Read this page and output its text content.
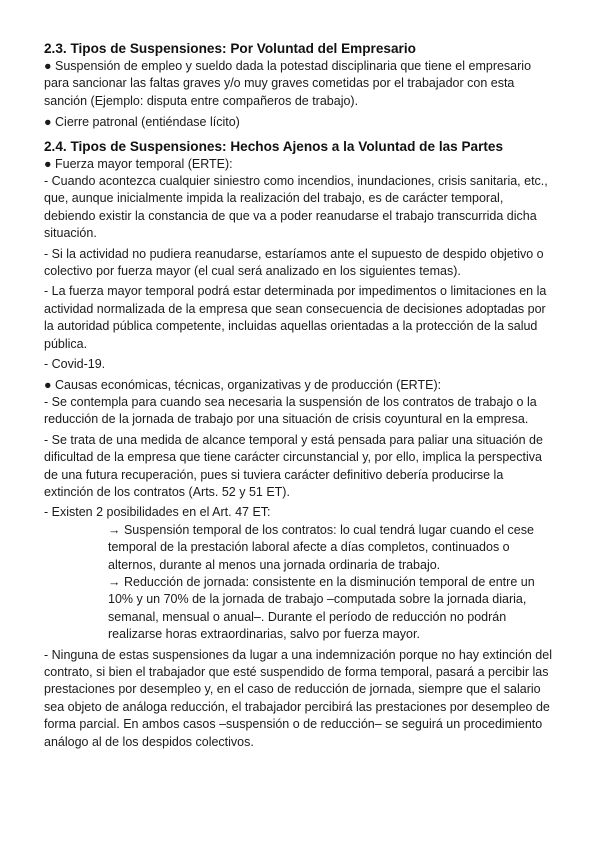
2.3. Tipos de Suspensiones: Por Voluntad del Empresario

● Suspensión de empleo y sueldo dada la potestad disciplinaria que tiene el empresario para sancionar las faltas graves y/o muy graves cometidas por el trabajador con esta sanción (Ejemplo: disputa entre compañeros de trabajo).

● Cierre patronal (entiéndase lícito)

2.4. Tipos de Suspensiones: Hechos Ajenos a la Voluntad de las Partes

● Fuerza mayor temporal (ERTE):

- Cuando acontezca cualquier siniestro como incendios, inundaciones, crisis sanitaria, etc., que, aunque inicialmente impida la realización del trabajo, es de carácter temporal, debiendo existir la constancia de que va a poder reanudarse el trabajo transcurrida dicha situación.

- Si la actividad no pudiera reanudarse, estaríamos ante el supuesto de despido objetivo o colectivo por fuerza mayor (el cual será analizado en los siguientes temas).

- La fuerza mayor temporal podrá estar determinada por impedimentos o limitaciones en la actividad normalizada de la empresa que sean consecuencia de decisiones adoptadas por la autoridad pública competente, incluidas aquellas orientadas a la protección de la salud pública.

- Covid-19.

● Causas económicas, técnicas, organizativas y de producción (ERTE):

- Se contempla para cuando sea necesaria la suspensión de los contratos de trabajo o la reducción de la jornada de trabajo por una situación de crisis coyuntural en la empresa.

- Se trata de una medida de alcance temporal y está pensada para paliar una situación de dificultad de la empresa que tiene carácter circunstancial y, por ello, implica la perspectiva de una futura recuperación, pues si tuviera carácter definitivo debería producirse la extinción de los contratos (Arts. 52 y 51 ET).

- Existen 2 posibilidades en el Art. 47 ET:

→ Suspensión temporal de los contratos: lo cual tendrá lugar cuando el cese temporal de la prestación laboral afecte a días completos, continuados o alternos, durante al menos una jornada ordinaria de trabajo.

→ Reducción de jornada: consistente en la disminución temporal de entre un 10% y un 70% de la jornada de trabajo –computada sobre la jornada diaria, semanal, mensual o anual–. Durante el período de reducción no podrán realizarse horas extraordinarias, salvo por fuerza mayor.

- Ninguna de estas suspensiones da lugar a una indemnización porque no hay extinción del contrato, si bien el trabajador que esté suspendido de forma temporal, pasará a percibir las prestaciones por desempleo y, en el caso de reducción de jornada, siempre que el salario sea objeto de análoga reducción, el trabajador percibirá las prestaciones por desempleo de forma parcial. En ambos casos –suspensión o de reducción– se seguirá un procedimiento análogo al de los despidos colectivos.
